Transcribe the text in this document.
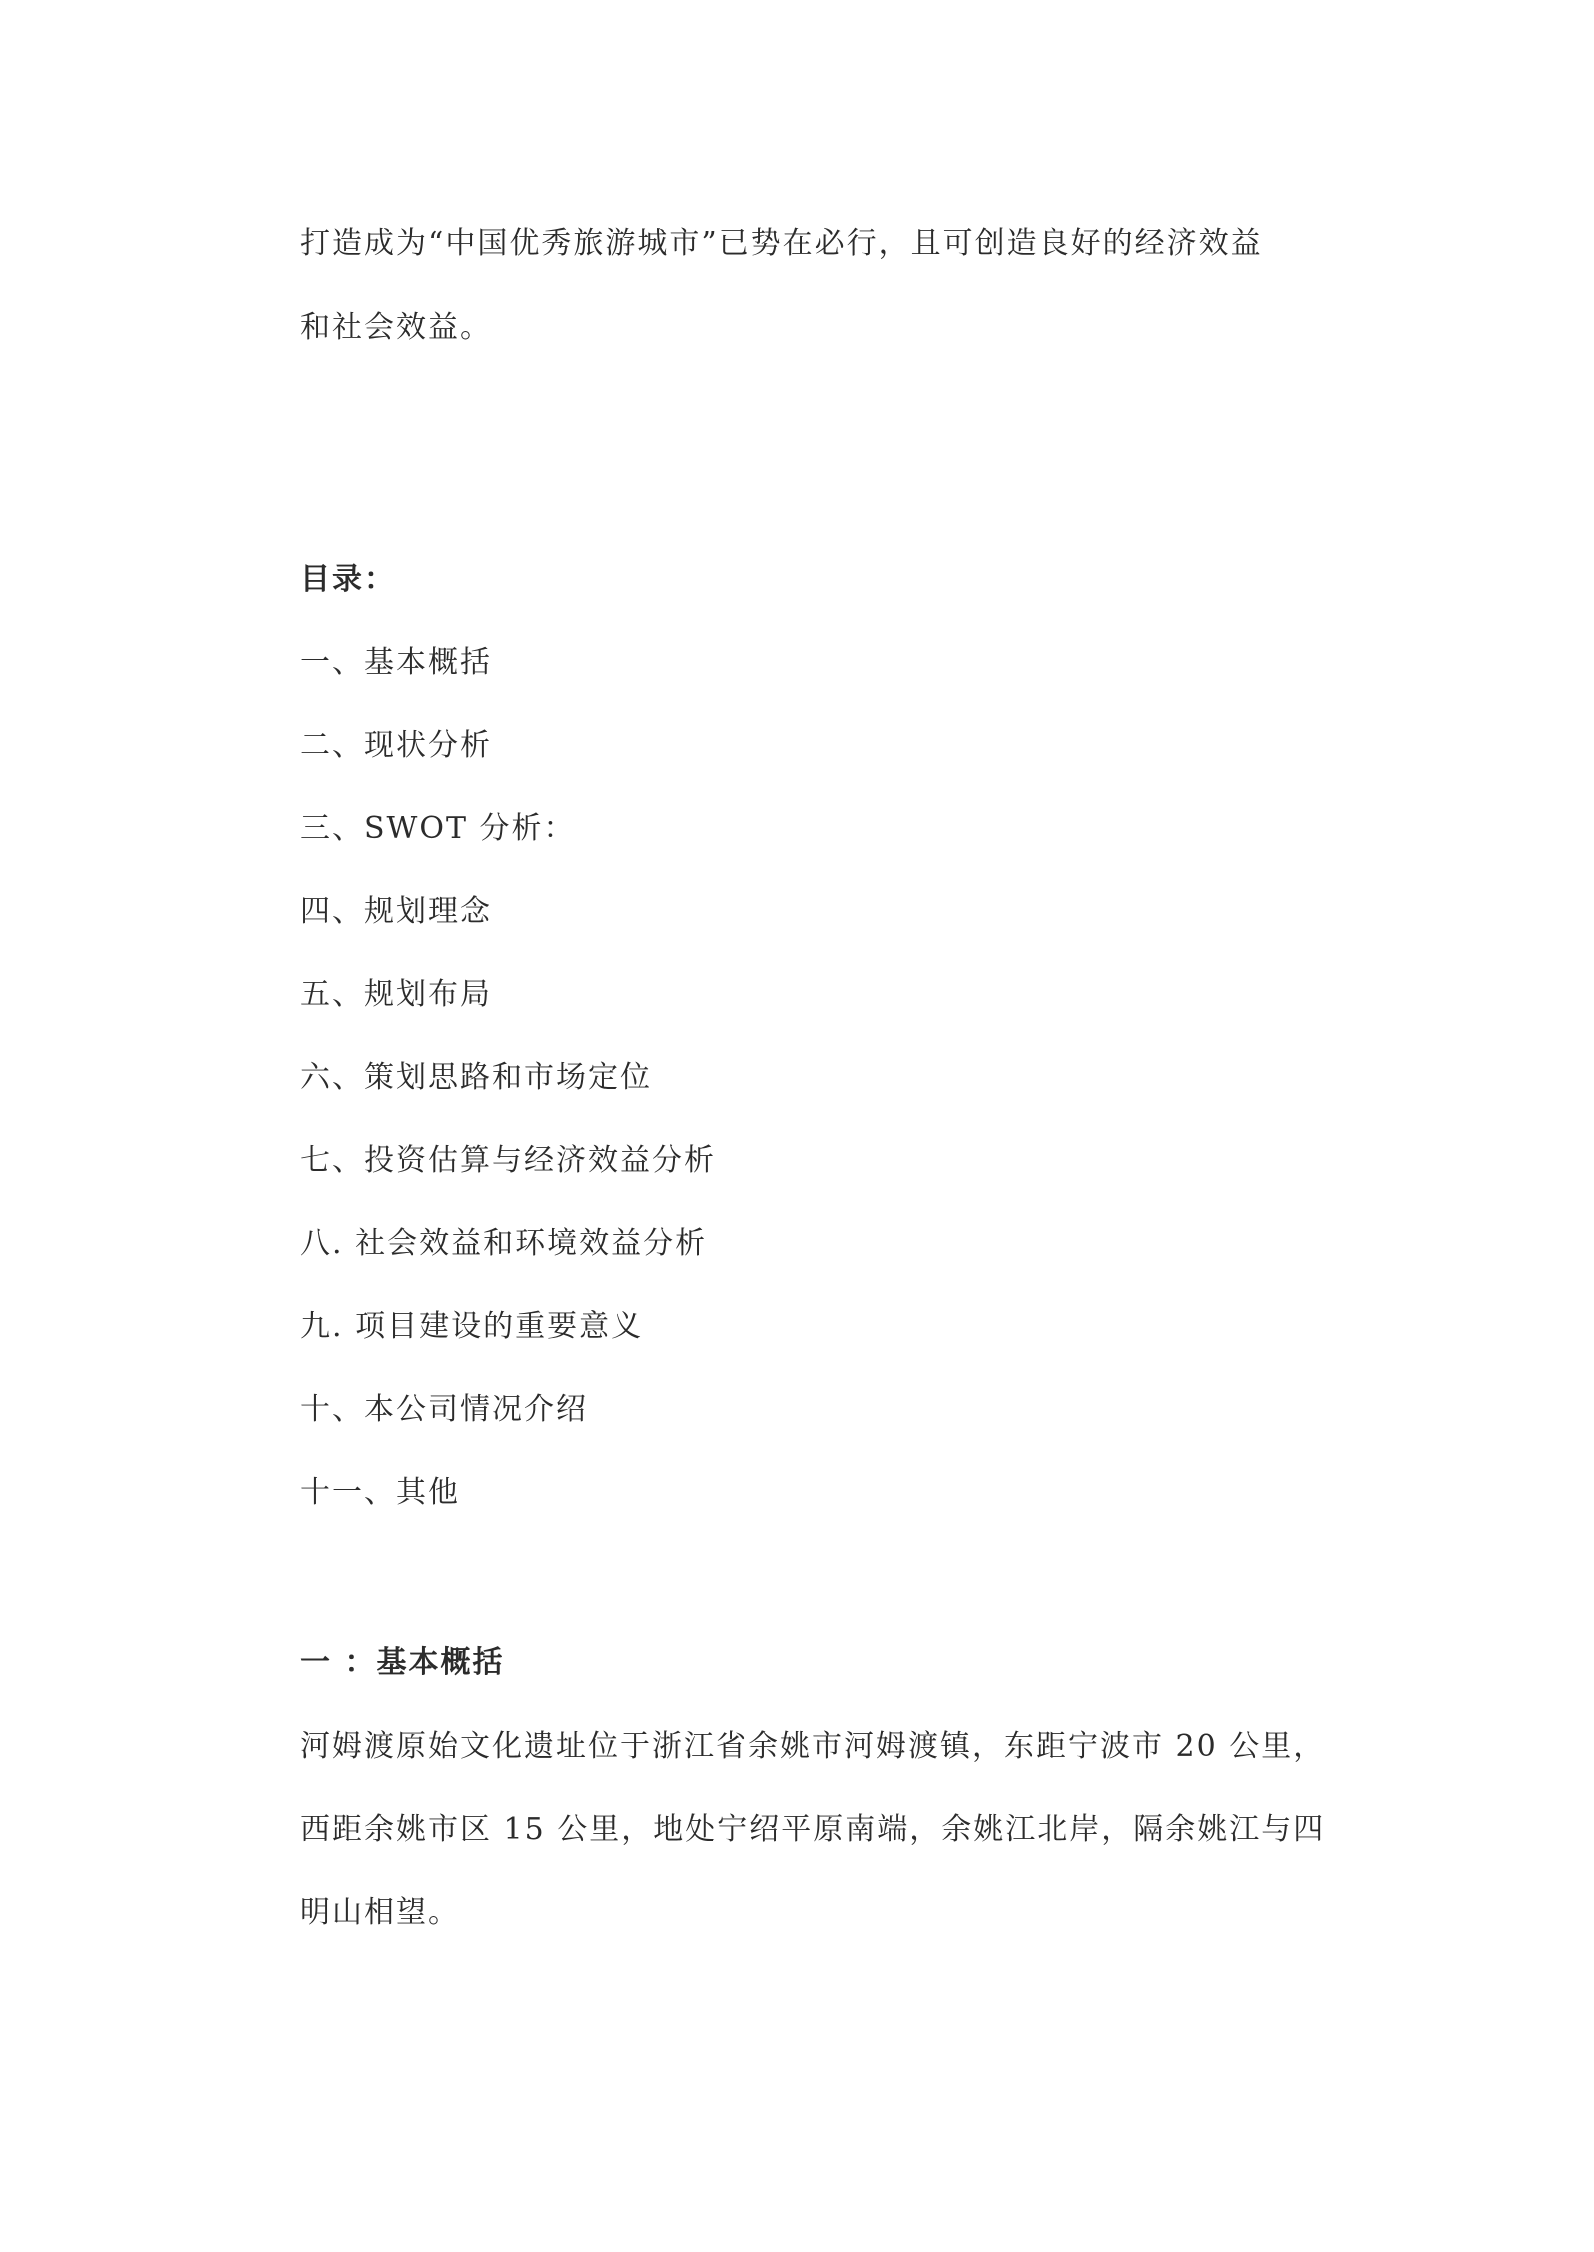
打造成为“中国优秀旅游城市”已势在必行，且可创造良好的经济效益
和社会效益。
目录：
一、基本概括
二、现状分析
三、SWOT 分析：
四、规划理念
五、规划布局
六、策划思路和市场定位
七、投资估算与经济效益分析
八. 社会效益和环境效益分析
九. 项目建设的重要意义
十、本公司情况介绍
十一、其他
一 ：基本概括
河姆渡原始文化遗址位于浙江省余姚市河姆渡镇，东距宁波市 20 公里，
西距余姚市区 15 公里，地处宁绍平原南端，余姚江北岸，隔余姚江与四
明山相望。
